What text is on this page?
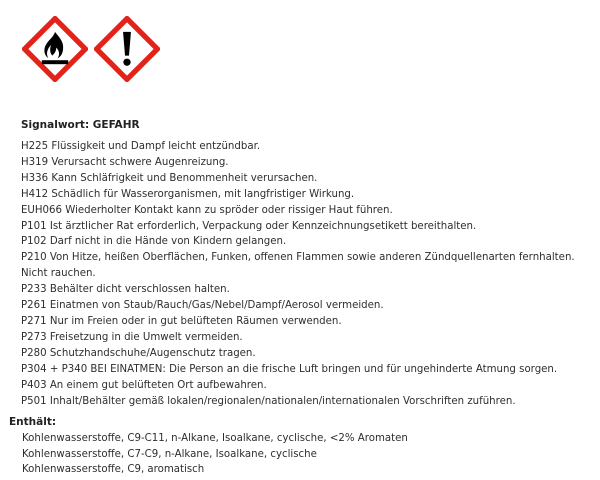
Signalwort: GEFAHR
H225 Flüssigkeit und Dampf leicht entzündbar.
H319 Verursacht schwere Augenreizung.
H336 Kann Schläfrigkeit und Benommenheit verursachen.
H412 Schädlich für Wasserorganismen, mit langfristiger Wirkung.
EUH066 Wiederholter Kontakt kann zu spröder oder rissiger Haut führen.
P101 Ist ärztlicher Rat erforderlich, Verpackung oder Kennzeichnungsetikett bereithalten.
P102 Darf nicht in die Hände von Kindern gelangen.
P210 Von Hitze, heißen Oberflächen, Funken, offenen Flammen sowie anderen Zündquellenarten fernhalten. Nicht rauchen.
P233 Behälter dicht verschlossen halten.
P261 Einatmen von Staub/Rauch/Gas/Nebel/Dampf/Aerosol vermeiden.
P271 Nur im Freien oder in gut belüfteten Räumen verwenden.
P273 Freisetzung in die Umwelt vermeiden.
P280 Schutzhandschuhe/Augenschutz tragen.
P304 + P340 BEI EINATMEN: Die Person an die frische Luft bringen und für ungehinderte Atmung sorgen.
P403 An einem gut belüfteten Ort aufbewahren.
P501 Inhalt/Behälter gemäß lokalen/regionalen/nationalen/internationalen Vorschriften zuführen.
Enthält:
Kohlenwasserstoffe, C9-C11, n-Alkane, Isoalkane, cyclische, <2% Aromaten
Kohlenwasserstoffe, C7-C9, n-Alkane, Isoalkane, cyclische
Kohlenwasserstoffe, C9, aromatisch
